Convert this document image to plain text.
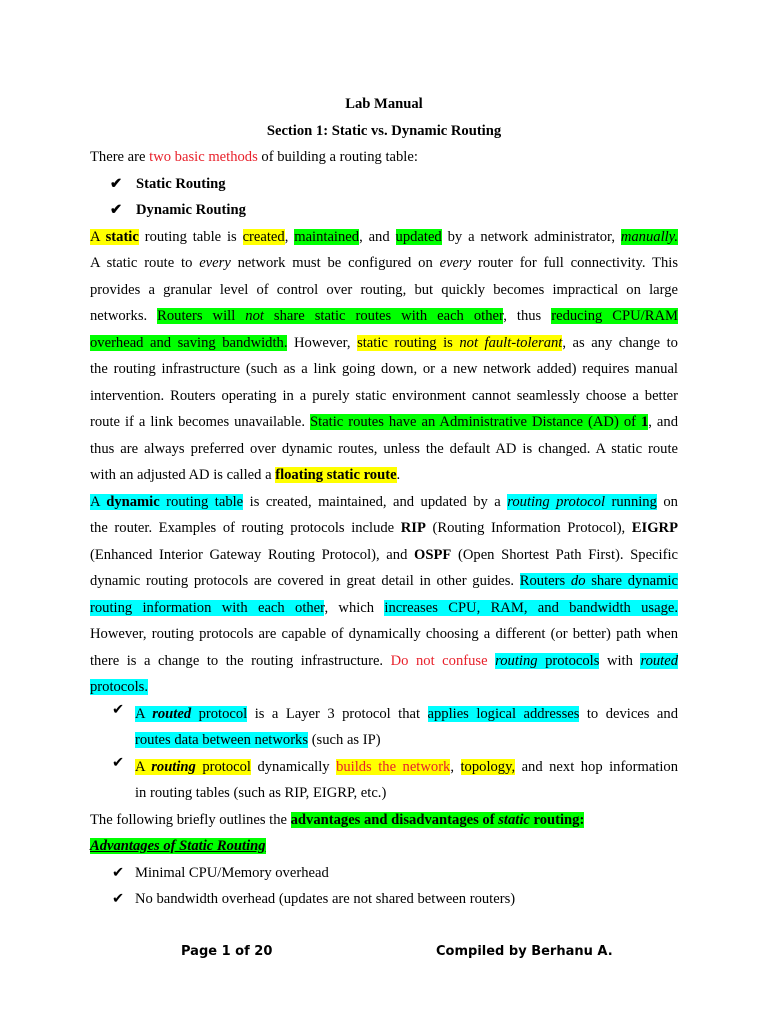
Lab Manual
Section 1: Static vs. Dynamic Routing
There are two basic methods of building a routing table:
✔ Static Routing
✔ Dynamic Routing
A static routing table is created, maintained, and updated by a network administrator, manually.
A static route to every network must be configured on every router for full connectivity. This
provides a granular level of control over routing, but quickly becomes impractical on large
networks. Routers will not share static routes with each other, thus reducing CPU/RAM
overhead and saving bandwidth. However, static routing is not fault-tolerant, as any change to
the routing infrastructure (such as a link going down, or a new network added) requires manual
intervention. Routers operating in a purely static environment cannot seamlessly choose a better
route if a link becomes unavailable. Static routes have an Administrative Distance (AD) of 1, and
thus are always preferred over dynamic routes, unless the default AD is changed. A static route
with an adjusted AD is called a floating static route.
A dynamic routing table is created, maintained, and updated by a routing protocol running on
the router. Examples of routing protocols include RIP (Routing Information Protocol), EIGRP
(Enhanced Interior Gateway Routing Protocol), and OSPF (Open Shortest Path First). Specific
dynamic routing protocols are covered in great detail in other guides. Routers do share dynamic
routing information with each other, which increases CPU, RAM, and bandwidth usage.
However, routing protocols are capable of dynamically choosing a different (or better) path when
there is a change to the routing infrastructure. Do not confuse routing protocols with routed
protocols.
✔ A routed protocol is a Layer 3 protocol that applies logical addresses to devices and
routes data between networks (such as IP)
✔ A routing protocol dynamically builds the network, topology, and next hop information
in routing tables (such as RIP, EIGRP, etc.)
The following briefly outlines the advantages and disadvantages of static routing:
Advantages of Static Routing
✔ Minimal CPU/Memory overhead
✔ No bandwidth overhead (updates are not shared between routers)
Page 1 of 20	Compiled by Berhanu A.
